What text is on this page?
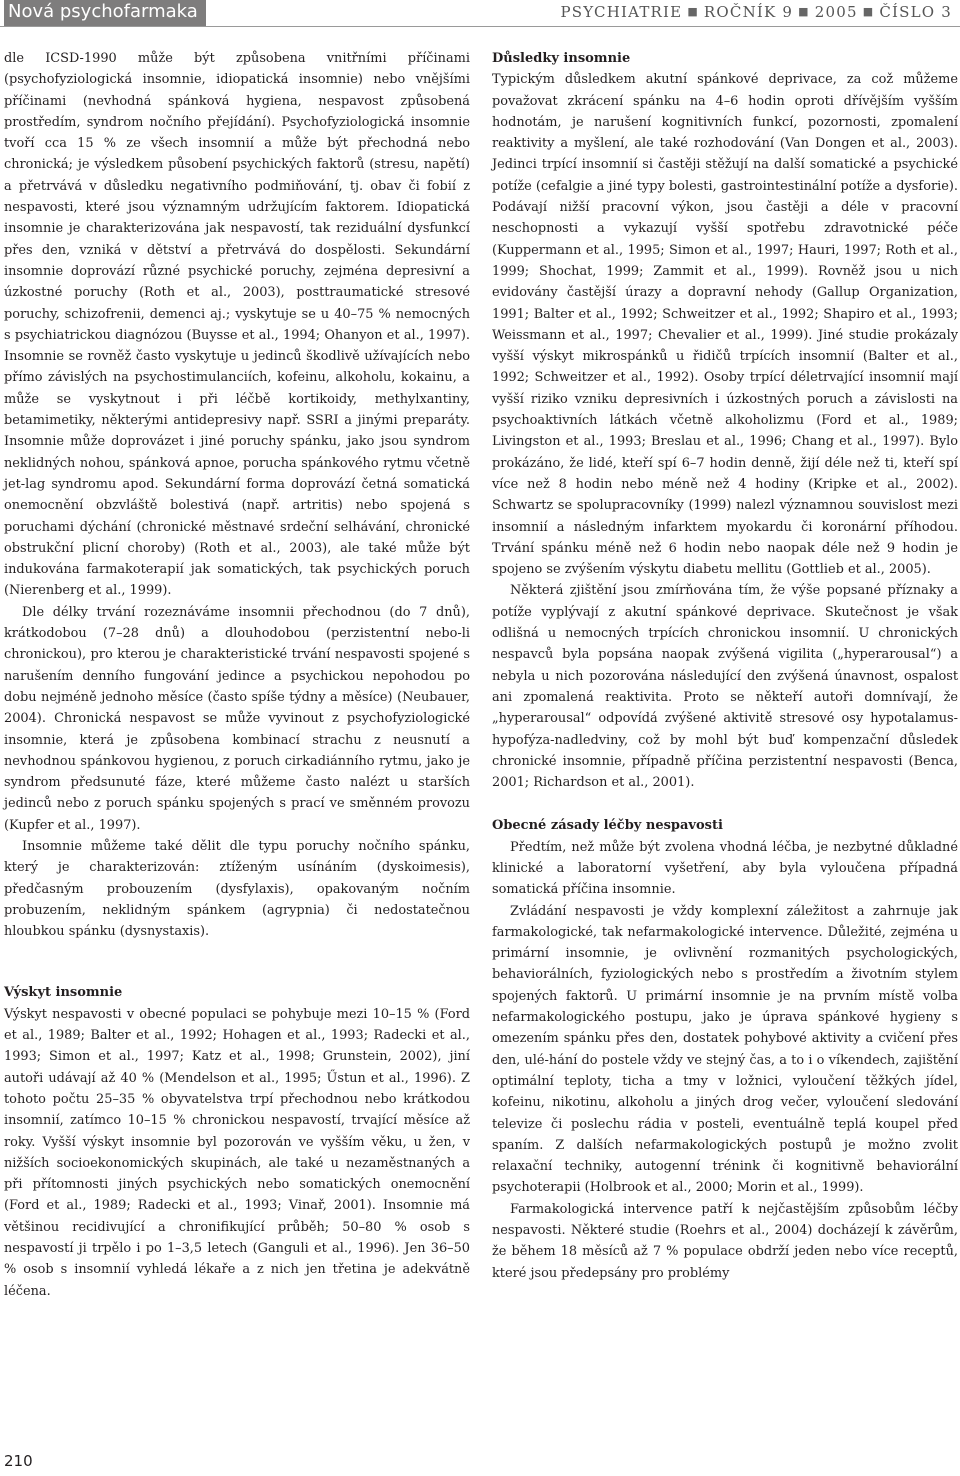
Nová psychofarmaka	PSYCHIATRIE ■ ROČNÍK 9 ■ 2005 ■ ČÍSLO 3

dle ICSD-1990 může být způsobena vnitřními příčinami (psychofyziologická insomnie, idiopatická insomnie) nebo vnějšími příčinami (nevhodná spánková hygiena, nespavost způsobená prostředím, syndrom nočního přejídání). Psychofyziologická insomnie tvoří cca 15 % ze všech insomnií a může být přechodná nebo chronická; je výsledkem působení psychických faktorů (stresu, napětí) a přetrvává v důsledku negativního podmiňování, tj. obav či fobií z nespavosti, které jsou významným udržujícím faktorem. Idiopatická insomnie je charakterizována jak nespavostí, tak reziduální dysfunkcí přes den, vzniká v dětství a přetrvává do dospělosti. Sekundární insomnie doprovází různé psychické poruchy, zejména depresivní a úzkostné poruchy (Roth et al., 2003), posttraumatické stresové poruchy, schizofrenii, demenci aj.; vyskytuje se u 40–75 % nemocných s psychiatrickou diagnózou (Buysse et al., 1994; Ohanyon et al., 1997). Insomnie se rovněž často vyskytuje u jedinců škodlivě užívajících nebo přímo závislých na psychostimulanciích, kofeinu, alkoholu, kokainu, a může se vyskytnout i při léčbě kortikoidy, methylxantiny, betamimetiky, některými antidepresivy např. SSRI a jinými preparáty. Insomnie může doprovázet i jiné poruchy spánku, jako jsou syndrom neklidných nohou, spánková apnoe, porucha spánkového rytmu včetně jet-lag syndromu apod. Sekundární forma doprovází četná somatická onemocnění obzvláště bolestivá (např. artritis) nebo spojená s poruchami dýchání (chronické městnavé srdeční selhávání, chronické obstrukční plicní choroby) (Roth et al., 2003), ale také může být indukována farmakoterapií jak somatických, tak psychických poruch (Nierenberg et al., 1999).

Dle délky trvání rozeznáváme insomnii přechodnou (do 7 dnů), krátkodobou (7–28 dnů) a dlouhodobou (perzistentní nebo-li chronickou), pro kterou je charakteristické trvání nespavosti spojené s narušením denního fungování jedince a psychickou nepohodou po dobu nejméně jednoho měsíce (často spíše týdny a měsíce) (Neubauer, 2004). Chronická nespavost se může vyvinout z psychofyziologické insomnie, která je způsobena kombinací strachu z neusnutí a nevhodnou spánkovou hygienou, z poruch cirkadiánního rytmu, jako je syndrom předsunuté fáze, které můžeme často nalézt u starších jedinců nebo z poruch spánku spojených s prací ve směnném provozu (Kupfer et al., 1997).

Insomnie můžeme také dělit dle typu poruchy nočního spánku, který je charakterizován: ztíženým usínáním (dyskoimesis), předčasným probouzením (dysfylaxis), opakovaným nočním probuzením, neklidným spánkem (agrypnia) či nedostatečnou hloubkou spánku (dysnystaxis).

Výskyt insomnie

Výskyt nespavosti v obecné populaci se pohybuje mezi 10–15 % (Ford et al., 1989; Balter et al., 1992; Hohagen et al., 1993; Radecki et al., 1993; Simon et al., 1997; Katz et al., 1998; Grunstein, 2002), jiní autoři udávají až 40 % (Mendelson et al., 1995; Űstun et al., 1996). Z tohoto počtu 25–35 % obyvatelstva trpí přechodnou nebo krátkodou insomnií, zatímco 10–15 % chronickou nespavostí, trvající měsíce až roky. Vyšší výskyt insomnie byl pozorován ve vyšším věku, u žen, v nižších socioekonomických skupinách, ale také u nezaměstnaných a při přítomnosti jiných psychických nebo somatických onemocnění (Ford et al., 1989; Radecki et al., 1993; Vinař, 2001). Insomnie má většinou recidivující a chronifikující průběh; 50–80 % osob s nespavostí ji trpělo i po 1–3,5 letech (Ganguli et al., 1996). Jen 36–50 % osob s insomnií vyhledá lékaře a z nich jen třetina je adekvátně léčena.

Důsledky insomnie

Typickým důsledkem akutní spánkové deprivace, za což můžeme považovat zkrácení spánku na 4–6 hodin oproti dřívějším vyšším hodnotám, je narušení kognitivních funkcí, pozornosti, zpomalení reaktivity a myšlení, ale také rozhodování (Van Dongen et al., 2003). Jedinci trpící insomnií si častěji stěžují na další somatické a psychické potíže (cefalgie a jiné typy bolesti, gastrointestinální potíže a dysforie). Podávají nižší pracovní výkon, jsou častěji a déle v pracovní neschopnosti a vykazují vyšší spotřebu zdravotnické péče (Kuppermann et al., 1995; Simon et al., 1997; Hauri, 1997; Roth et al., 1999; Shochat, 1999; Zammit et al., 1999). Rovněž jsou u nich evidovány častější úrazy a dopravní nehody (Gallup Organization, 1991; Balter et al., 1992; Schweitzer et al., 1992; Shapiro et al., 1993; Weissmann et al., 1997; Chevalier et al., 1999). Jiné studie prokázaly vyšší výskyt mikrospánků u řidičů trpících insomnií (Balter et al., 1992; Schweitzer et al., 1992). Osoby trpící déletrvající insomnií mají vyšší riziko vzniku depresivních i úzkostných poruch a závislosti na psychoaktivních látkách včetně alkoholizmu (Ford et al., 1989; Livingston et al., 1993; Breslau et al., 1996; Chang et al., 1997). Bylo prokázáno, že lidé, kteří spí 6–7 hodin denně, žijí déle než ti, kteří spí více než 8 hodin nebo méně než 4 hodiny (Kripke et al., 2002). Schwartz se spolupracovníky (1999) nalezl významnou souvislost mezi insomnií a následným infarktem myokardu či koronární příhodou. Trvání spánku méně než 6 hodin nebo naopak déle než 9 hodin je spojeno se zvýšením výskytu diabetu mellitu (Gottlieb et al., 2005).

Některá zjištění jsou zmírňována tím, že výše popsané příznaky a potíže vyplývají z akutní spánkové deprivace. Skutečnost je však odlišná u nemocných trpících chronickou insomnií. U chronických nespavců byla popsána naopak zvýšená vigilita („hyperarousal“) a nebyla u nich pozorována následující den zvýšená únavnost, ospalost ani zpomalená reaktivita. Proto se někteří autoři domnívají, že „hyperarousal“ odpovídá zvýšené aktivitě stresové osy hypotalamus-hypofýza-nadledviny, což by mohl být buď kompenzační důsledek chronické insomnie, případně příčina perzistentní nespavosti (Benca, 2001; Richardson et al., 2001).

Obecné zásady léčby nespavosti

Předtím, než může být zvolena vhodná léčba, je nezbytné důkladné klinické a laboratorní vyšetření, aby byla vyloučena případná somatická příčina insomnie.

Zvládání nespavosti je vždy komplexní záležitost a zahrnuje jak farmakologické, tak nefarmakologické intervence. Důležité, zejména u primární insomnie, je ovlivnění rozmanitých psychologických, behaviorálních, fyziologických nebo s prostředím a životním stylem spojených faktorů. U primární insomnie je na prvním místě volba nefarmakologického postupu, jako je úprava spánkové hygieny s omezením spánku přes den, dostatek pohybové aktivity a cvičení přes den, ulé-hání do postele vždy ve stejný čas, a to i o víkendech, zajištění optimální teploty, ticha a tmy v ložnici, vyloučení těžkých jídel, kofeinu, nikotinu, alkoholu a jiných drog večer, vyloučení sledování televize či poslechu rádia v posteli, eventuálně teplá koupel před spaním. Z dalších nefarmakologických postupů je možno zvolit relaxační techniky, autogenní trénink či kognitivně behaviorální psychoterapii (Holbrook et al., 2000; Morin et al., 1999).

Farmakologická intervence patří k nejčastějším způsobům léčby nespavosti. Některé studie (Roehrs et al., 2004) docházejí k závěrům, že během 18 měsíců až 7 % populace obdrží jeden nebo více receptů, které jsou předepsány pro problémy

210
